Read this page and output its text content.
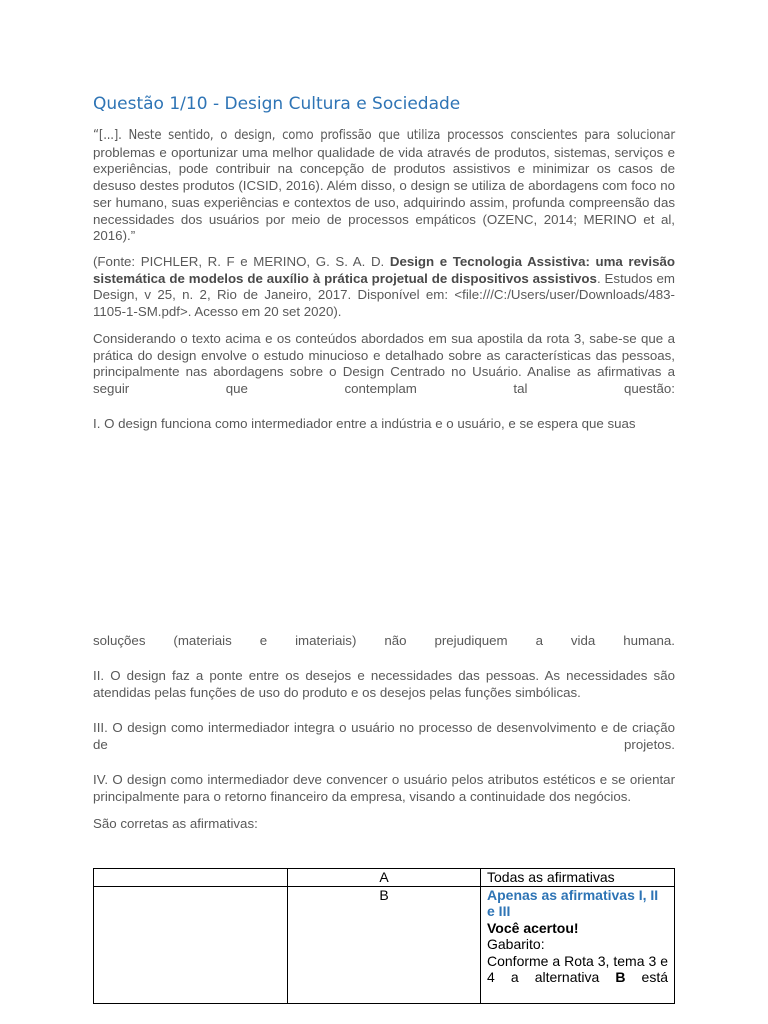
Questão 1/10 - Design Cultura e Sociedade

“[...]. Neste sentido, o design, como profissão que utiliza processos conscientes para solucionar problemas e oportunizar uma melhor qualidade de vida através de produtos, sistemas, serviços e experiências, pode contribuir na concepção de produtos assistivos e minimizar os casos de desuso destes produtos (ICSID, 2016). Além disso, o design se utiliza de abordagens com foco no ser humano, suas experiências e contextos de uso, adquirindo assim, profunda compreensão das necessidades dos usuários por meio de processos empáticos (OZENC, 2014; MERINO et al, 2016).”

(Fonte: PICHLER, R. F e MERINO, G. S. A. D. Design e Tecnologia Assistiva: uma revisão sistemática de modelos de auxílio à prática projetual de dispositivos assistivos. Estudos em Design, v 25, n. 2, Rio de Janeiro, 2017. Disponível em: <file:///C:/Users/user/Downloads/483-1105-1-SM.pdf>. Acesso em 20 set 2020).

Considerando o texto acima e os conteúdos abordados em sua apostila da rota 3, sabe-se que a prática do design envolve o estudo minucioso e detalhado sobre as características das pessoas, principalmente nas abordagens sobre o Design Centrado no Usuário. Analise as afirmativas a seguir que contemplam tal questão:

I. O design funciona como intermediador entre a indústria e o usuário, e se espera que suas

soluções (materiais e imateriais) não prejudiquem a vida humana.

II. O design faz a ponte entre os desejos e necessidades das pessoas. As necessidades são atendidas pelas funções de uso do produto e os desejos pelas funções simbólicas.

III. O design como intermediador integra o usuário no processo de desenvolvimento e de criação de projetos.

IV. O design como intermediador deve convencer o usuário pelos atributos estéticos e se orientar principalmente para o retorno financeiro da empresa, visando a continuidade dos negócios.

São corretas as afirmativas:

	A	Todas as afirmativas
	B	Apenas as afirmativas I, II e III
Você acertou!
Gabarito:
Conforme a Rota 3, tema 3 e 4 a alternativa B está
